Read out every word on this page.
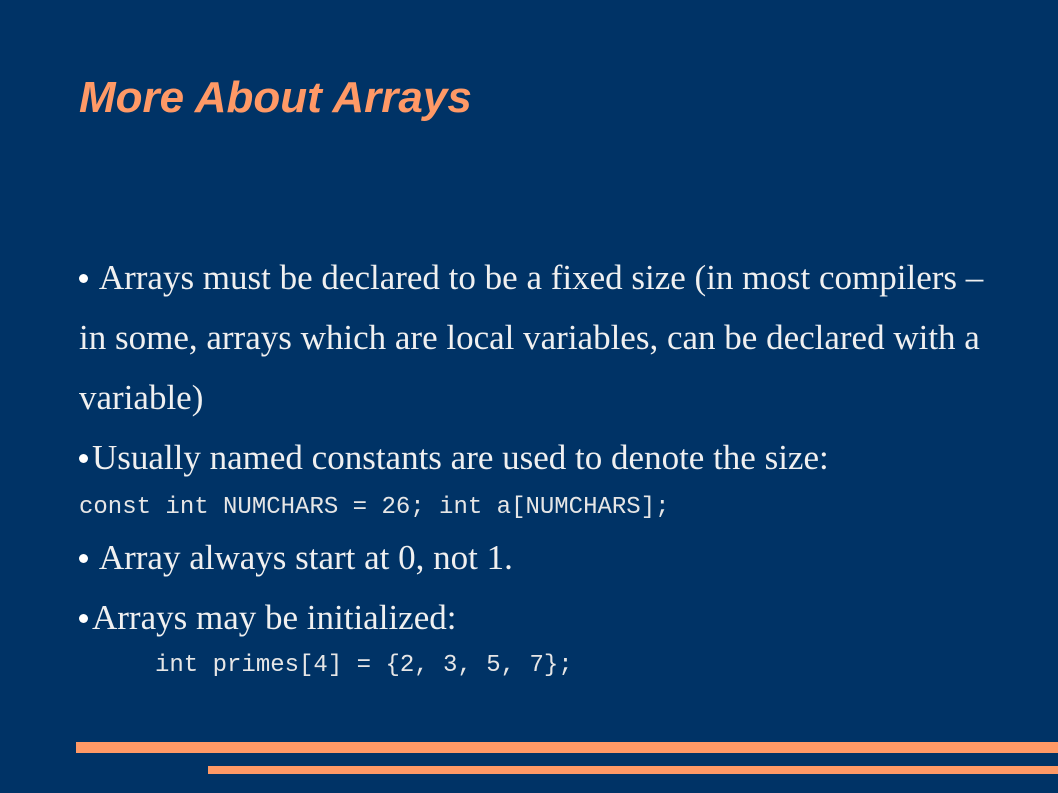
More About Arrays

Arrays must be declared to be a fixed size (in most compilers – in some, arrays which are local variables, can be declared with a variable)

Usually named constants are used to denote the size:

const int NUMCHARS = 26; int a[NUMCHARS];

Array always start at 0, not 1.

Arrays may be initialized:

int primes[4] = {2, 3, 5, 7};
